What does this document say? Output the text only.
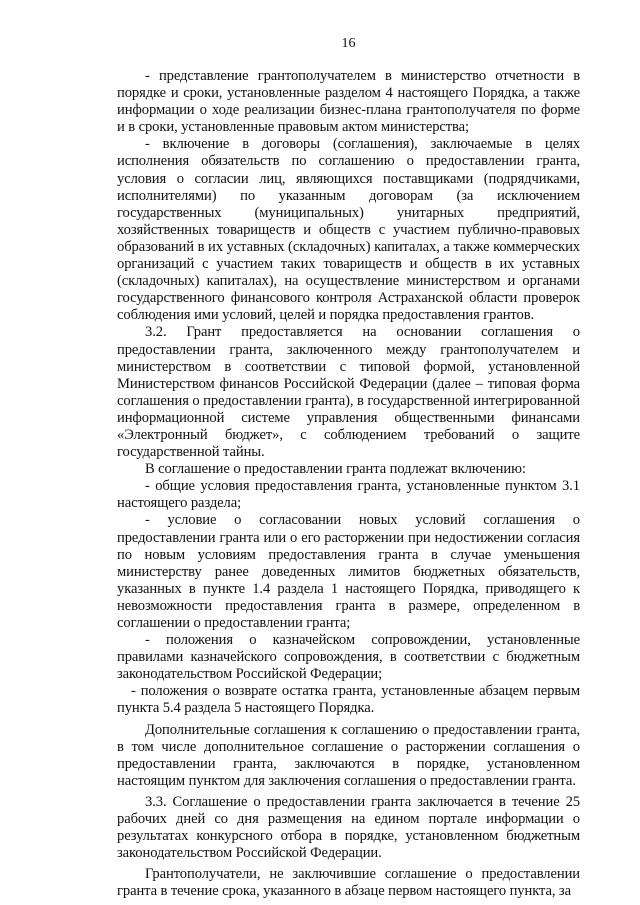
16

- представление грантополучателем в министерство отчетности в порядке и сроки, установленные разделом 4 настоящего Порядка, а также информации о ходе реализации бизнес-плана грантополучателя по форме и в сроки, установленные правовым актом министерства;

- включение в договоры (соглашения), заключаемые в целях исполнения обязательств по соглашению о предоставлении гранта, условия о согласии лиц, являющихся поставщиками (подрядчиками, исполнителями) по указанным договорам (за исключением государственных (муниципальных) унитарных предприятий, хозяйственных товариществ и обществ с участием публично-правовых образований в их уставных (складочных) капиталах, а также коммерческих организаций с участием таких товариществ и обществ в их уставных (складочных) капиталах), на осуществление министерством и органами государственного финансового контроля Астраханской области проверок соблюдения ими условий, целей и порядка предоставления грантов.

3.2. Грант предоставляется на основании соглашения о предоставлении гранта, заключенного между грантополучателем и министерством в соответствии с типовой формой, установленной Министерством финансов Российской Федерации (далее – типовая форма соглашения о предоставлении гранта), в государственной интегрированной информационной системе управления общественными финансами «Электронный бюджет», с соблюдением требований о защите государственной тайны.

В соглашение о предоставлении гранта подлежат включению:

- общие условия предоставления гранта, установленные пунктом 3.1 настоящего раздела;

- условие о согласовании новых условий соглашения о предоставлении гранта или о его расторжении при недостижении согласия по новым условиям предоставления гранта в случае уменьшения министерству ранее доведенных лимитов бюджетных обязательств, указанных в пункте 1.4 раздела 1 настоящего Порядка, приводящего к невозможности предоставления гранта в размере, определенном в соглашении о предоставлении гранта;

- положения о казначейском сопровождении, установленные правилами казначейского сопровождения, в соответствии с бюджетным законодательством Российской Федерации;

- положения о возврате остатка гранта, установленные абзацем первым пункта 5.4 раздела 5 настоящего Порядка.

Дополнительные соглашения к соглашению о предоставлении гранта, в том числе дополнительное соглашение о расторжении соглашения о предоставлении гранта, заключаются в порядке, установленном настоящим пунктом для заключения соглашения о предоставлении гранта.

3.3. Соглашение о предоставлении гранта заключается в течение 25 рабочих дней со дня размещения на едином портале информации о результатах конкурсного отбора в порядке, установленном бюджетным законодательством Российской Федерации.

Грантополучатели, не заключившие соглашение о предоставлении гранта в течение срока, указанного в абзаце первом настоящего пункта, за
